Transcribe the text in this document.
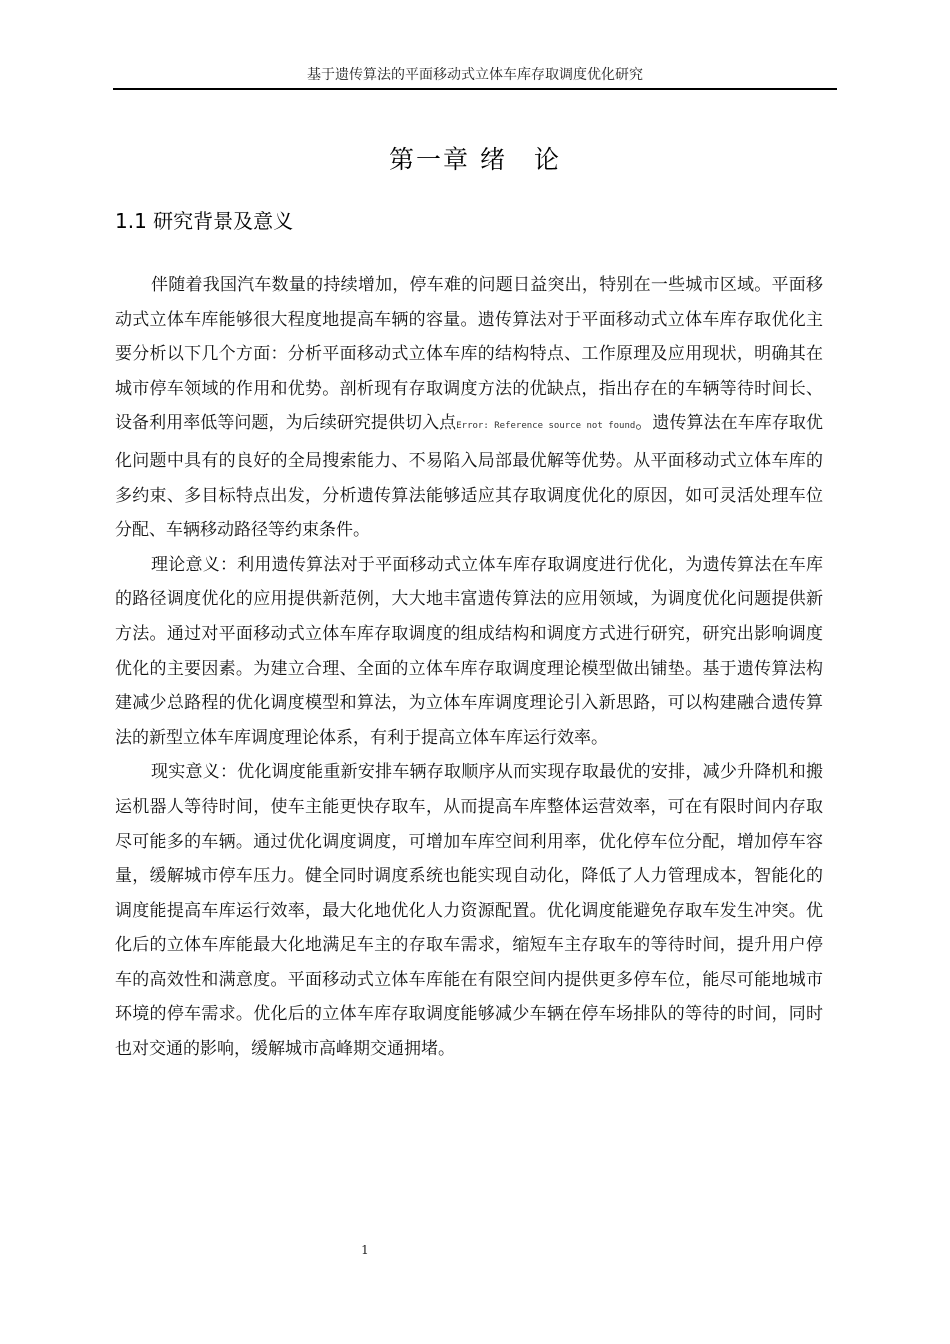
基于遗传算法的平面移动式立体车库存取调度优化研究
第一章 绪　论
1.1 研究背景及意义

伴随着我国汽车数量的持续增加，停车难的问题日益突出，特别在一些城市区域。平面移动式立体车库能够很大程度地提高车辆的容量。遗传算法对于平面移动式立体车库存取优化主要分析以下几个方面：分析平面移动式立体车库的结构特点、工作原理及应用现状，明确其在城市停车领域的作用和优势。剖析现有存取调度方法的优缺点，指出存在的车辆等待时间长、设备利用率低等问题，为后续研究提供切入点Error: Reference source not found。遗传算法在车库存取优化问题中具有的良好的全局搜索能力、不易陷入局部最优解等优势。从平面移动式立体车库的多约束、多目标特点出发，分析遗传算法能够适应其存取调度优化的原因，如可灵活处理车位分配、车辆移动路径等约束条件。

理论意义：利用遗传算法对于平面移动式立体车库存取调度进行优化，为遗传算法在车库的路径调度优化的应用提供新范例，大大地丰富遗传算法的应用领域，为调度优化问题提供新方法。通过对平面移动式立体车库存取调度的组成结构和调度方式进行研究，研究出影响调度优化的主要因素。为建立合理、全面的立体车库存取调度理论模型做出铺垫。基于遗传算法构建减少总路程的优化调度模型和算法，为立体车库调度理论引入新思路，可以构建融合遗传算法的新型立体车库调度理论体系，有利于提高立体车库运行效率。

现实意义：优化调度能重新安排车辆存取顺序从而实现存取最优的安排，减少升降机和搬运机器人等待时间，使车主能更快存取车，从而提高车库整体运营效率，可在有限时间内存取尽可能多的车辆。通过优化调度调度，可增加车库空间利用率，优化停车位分配，增加停车容量，缓解城市停车压力。健全同时调度系统也能实现自动化，降低了人力管理成本，智能化的调度能提高车库运行效率，最大化地优化人力资源配置。优化调度能避免存取车发生冲突。优化后的立体车库能最大化地满足车主的存取车需求，缩短车主存取车的等待时间，提升用户停车的高效性和满意度。平面移动式立体车库能在有限空间内提供更多停车位，能尽可能地城市环境的停车需求。优化后的立体车库存取调度能够减少车辆在停车场排队的等待的时间，同时也对交通的影响，缓解城市高峰期交通拥堵。

1
